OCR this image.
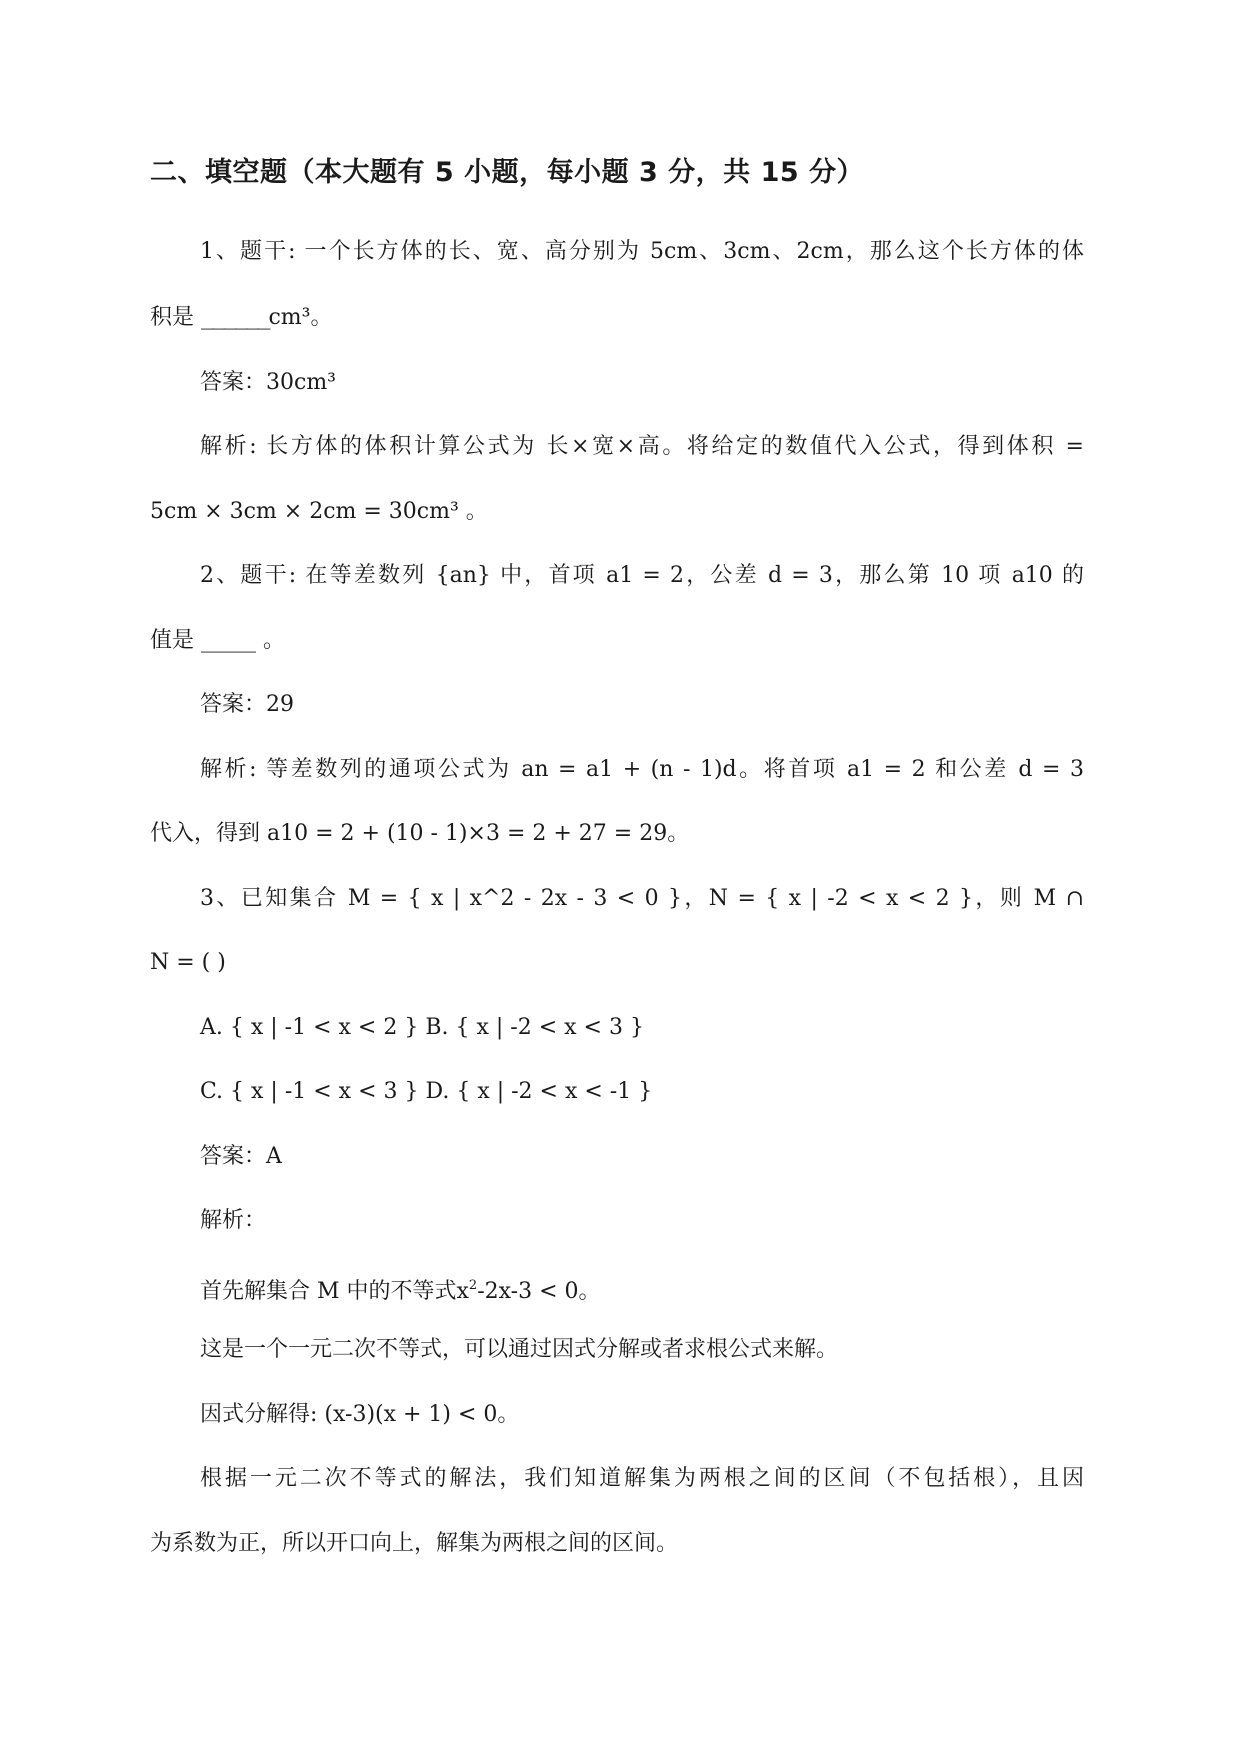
二、填空题（本大题有 5 小题，每小题 3 分，共 15 分）
1、题干: 一个长方体的长、宽、高分别为 5cm、3cm、2cm，那么这个长方体的体
积是 ______cm³。
答案：30cm³
解析: 长方体的体积计算公式为 长×宽×高。将给定的数值代入公式，得到体积 =
5cm × 3cm × 2cm = 30cm³ 。
2、题干: 在等差数列 {an} 中，首项 a1 = 2，公差 d = 3，那么第 10 项 a10 的
值是 _____ 。
答案：29
解析: 等差数列的通项公式为 an = a1 + (n - 1)d。将首项 a1 = 2 和公差 d = 3
代入，得到 a10 = 2 + (10 - 1)×3 = 2 + 27 = 29。
3、已知集合 M = { x | x^2 - 2x - 3 < 0 }，N = { x | -2 < x < 2 }，则 M ∩
N = ( )
A. { x | -1 < x < 2 } B. { x | -2 < x < 3 }
C. { x | -1 < x < 3 } D. { x | -2 < x < -1 }
答案：A
解析：
首先解集合 M 中的不等式$x^2-2x-3 < 0$。
这是一个一元二次不等式，可以通过因式分解或者求根公式来解。
因式分解得: (x-3)(x + 1) < 0。
根据一元二次不等式的解法，我们知道解集为两根之间的区间（不包括根），且因
为系数为正，所以开口向上，解集为两根之间的区间。
